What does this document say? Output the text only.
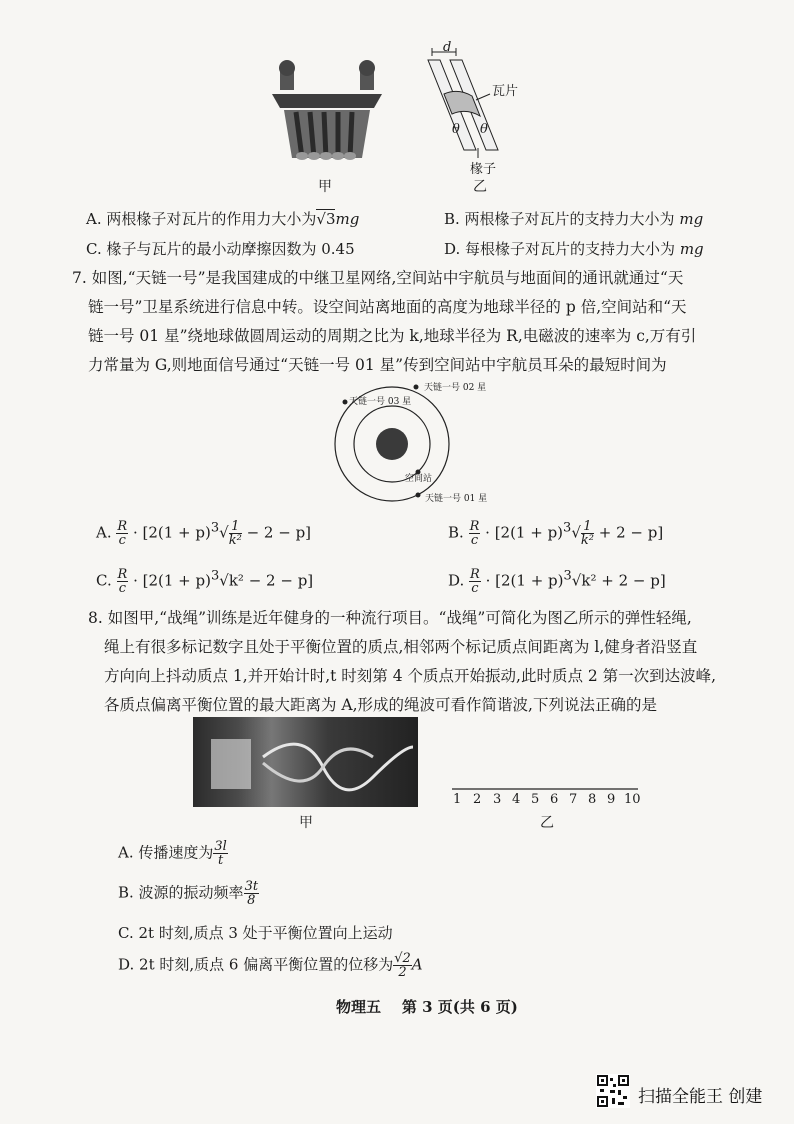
甲
d
瓦片
θ θ
椽子
乙
A. 两根椽子对瓦片的作用力大小为√3mg	B. 两根椽子对瓦片的支持力大小为 mg
C. 椽子与瓦片的最小动摩擦因数为 0.45	D. 每根椽子对瓦片的支持力大小为 mg
7. 如图,“天链一号”是我国建成的中继卫星网络,空间站中宇航员与地面间的通讯就通过“天
链一号”卫星系统进行信息中转。设空间站离地面的高度为地球半径的 p 倍,空间站和“天
链一号 01 星”绕地球做圆周运动的周期之比为 k,地球半径为 R,电磁波的速率为 c,万有引
力常量为 G,则地面信号通过“天链一号 01 星”传到空间站中宇航员耳朵的最短时间为
天链一号 02 星
天链一号 03 星
空间站
天链一号 01 星
A. $\frac{R}{c} \cdot [2(1 + p)^3√ \frac{1}{\text{k²}} - 2 - p]$	B. $\frac{R}{c} \cdot [2(1 + p)^3√ \frac{1}{\text{k²}} + 2 - p]$
C. $\frac{R}{c} \cdot [2(1 + p)^3√k^2 - 2 - p]$	D. $\frac{R}{c} \cdot [2(1 + p)^3√k^2 + 2 - p]$
8. 如图甲,“战绳”训练是近年健身的一种流行项目。“战绳”可简化为图乙所示的弹性轻绳,
绳上有很多标记数字且处于平衡位置的质点,相邻两个标记质点间距离为 l,健身者沿竖直
方向向上抖动质点 1,并开始计时,t 时刻第 4 个质点开始振动,此时质点 2 第一次到达波峰,
各质点偏离平衡位置的最大距离为 A,形成的绳波可看作简谐波,下列说法正确的是
甲
1 2 3 4 5 6 7 8 9 10
乙
A. 传播速度为 $\frac{3l}{t}$
B. 波源的振动频率 $\frac{3t}{8}$
C. 2t 时刻,质点 3 处于平衡位置向上运动
D. 2t 时刻,质点 6 偏离平衡位置的位移为 $\frac{√2}{2}$ A
物理五    第 3 页(共 6 页)
扫描全能王 创建
